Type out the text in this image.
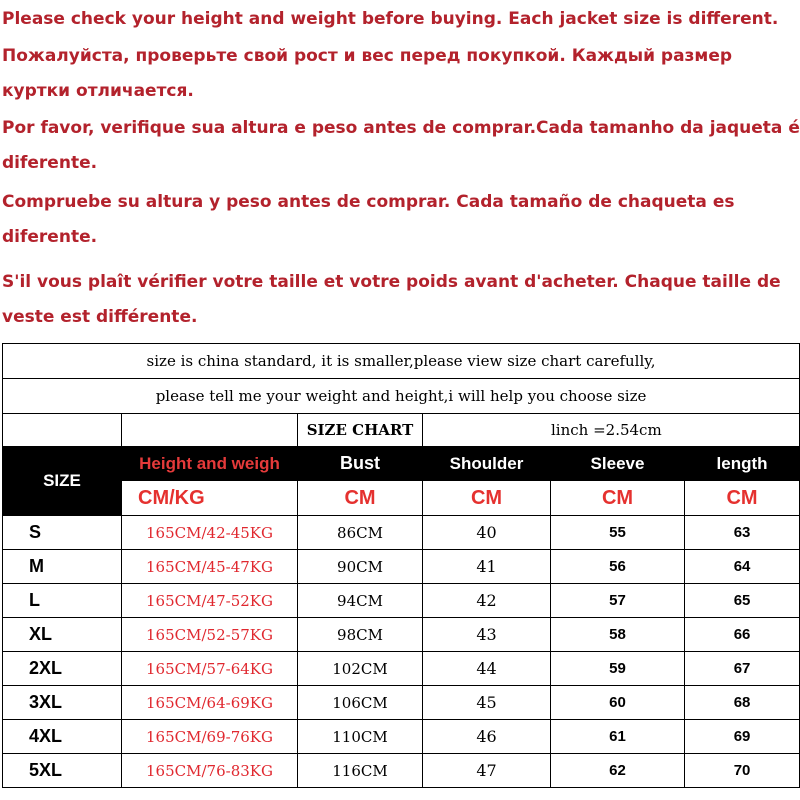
Please check your height and weight before buying. Each jacket size is different.
Пожалуйста, проверьте свой рост и вес перед покупкой. Каждый размер
куртки отличается.
Por favor, verifique sua altura e peso antes de comprar.Cada tamanho da jaqueta é
diferente.
Compruebe su altura y peso antes de comprar. Cada tamaño de chaqueta es
diferente.
S'il vous plaît vérifier votre taille et votre poids avant d'acheter. Chaque taille de
veste est différente.
size is china standard, it is smaller,please view size chart carefully,					
please tell me your weight and height,i will help you choose size					
		SIZE CHART	linch =2.54cm		
SIZE	Height and weigh	Bust	Shoulder	Sleeve	length
	CM/KG	CM	CM	CM	CM
S	165CM/42-45KG	86CM	40	55	63
M	165CM/45-47KG	90CM	41	56	64
L	165CM/47-52KG	94CM	42	57	65
XL	165CM/52-57KG	98CM	43	58	66
2XL	165CM/57-64KG	102CM	44	59	67
3XL	165CM/64-69KG	106CM	45	60	68
4XL	165CM/69-76KG	110CM	46	61	69
5XL	165CM/76-83KG	116CM	47	62	70
